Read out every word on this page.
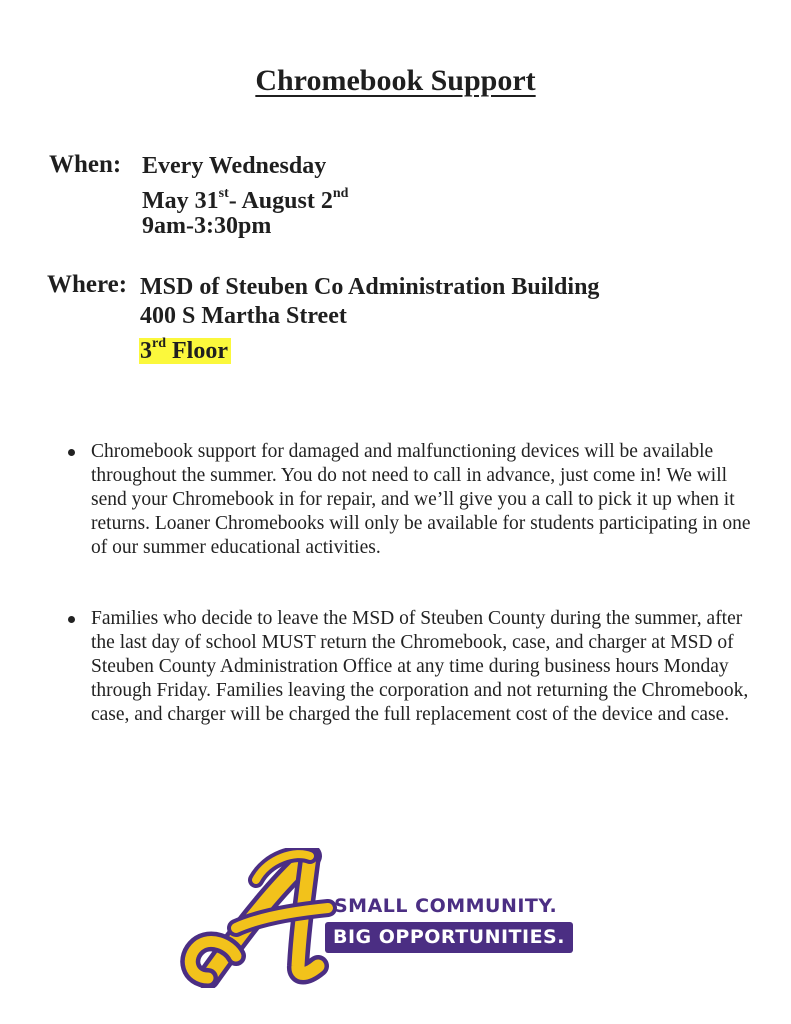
Chromebook Support
When: Every Wednesday
May 31st- August 2nd
9am-3:30pm
Where: MSD of Steuben Co Administration Building
400 S Martha Street
3rd Floor
Chromebook support for damaged and malfunctioning devices will be available throughout the summer. You do not need to call in advance, just come in! We will send your Chromebook in for repair, and we’ll give you a call to pick it up when it returns. Loaner Chromebooks will only be available for students participating in one of our summer educational activities.
Families who decide to leave the MSD of Steuben County during the summer, after the last day of school MUST return the Chromebook, case, and charger at MSD of Steuben County Administration Office at any time during business hours Monday through Friday. Families leaving the corporation and not returning the Chromebook, case, and charger will be charged the full replacement cost of the device and case.
SMALL COMMUNITY.
BIG OPPORTUNITIES.
